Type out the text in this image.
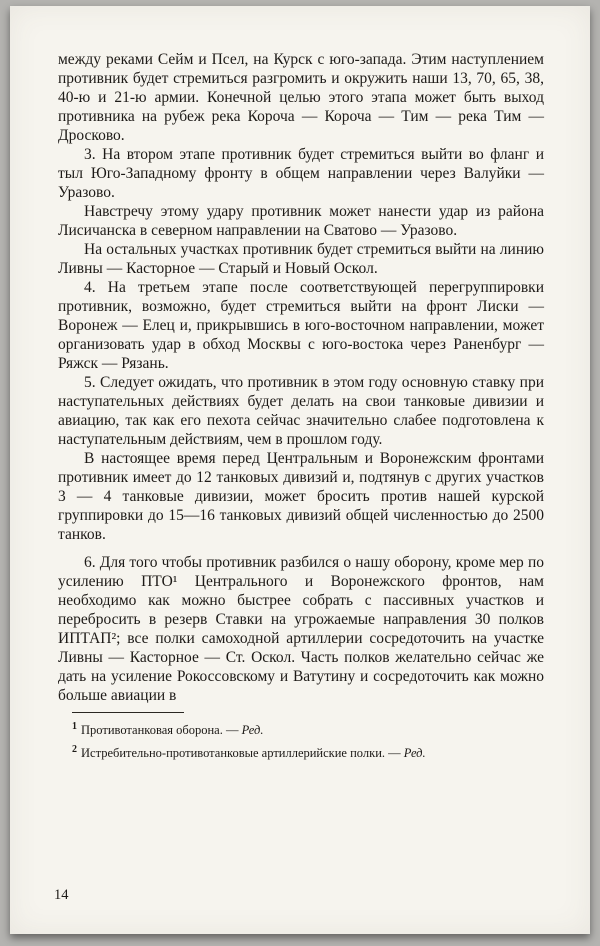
между реками Сейм и Псел, на Курск с юго-запада. Этим наступлением противник будет стремиться разгромить и окружить наши 13, 70, 65, 38, 40-ю и 21-ю армии. Конечной целью этого этапа может быть выход противника на рубеж река Короча — Короча — Тим — река Тим — Дросково.

3. На втором этапе противник будет стремиться выйти во фланг и тыл Юго-Западному фронту в общем направлении через Валуйки — Уразово.

Навстречу этому удару противник может нанести удар из района Лисичанска в северном направлении на Сватово — Уразово.

На остальных участках противник будет стремиться выйти на линию Ливны — Касторное — Старый и Новый Оскол.

4. На третьем этапе после соответствующей перегруппировки противник, возможно, будет стремиться выйти на фронт Лиски — Воронеж — Елец и, прикрывшись в юго-восточном направлении, может организовать удар в обход Москвы с юго-востока через Раненбург — Ряжск — Рязань.

5. Следует ожидать, что противник в этом году основную ставку при наступательных действиях будет делать на свои танковые дивизии и авиацию, так как его пехота сейчас значительно слабее подготовлена к наступательным действиям, чем в прошлом году.

В настоящее время перед Центральным и Воронежским фронтами противник имеет до 12 танковых дивизий и, подтянув с других участков 3 — 4 танковые дивизии, может бросить против нашей курской группировки до 15—16 танковых дивизий общей численностью до 2500 танков.

6. Для того чтобы противник разбился о нашу оборону, кроме мер по усилению ПТО¹ Центрального и Воронежского фронтов, нам необходимо как можно быстрее собрать с пассивных участков и перебросить в резерв Ставки на угрожаемые направления 30 полков ИПТАП²; все полки самоходной артиллерии сосредоточить на участке Ливны — Касторное — Ст. Оскол. Часть полков желательно сейчас же дать на усиление Рокоссовскому и Ватутину и сосредоточить как можно больше авиации в

$^1$ Противотанковая оборона. — Ред.

$^2$ Истребительно-противотанковые артиллерийские полки. — Ред.

14
